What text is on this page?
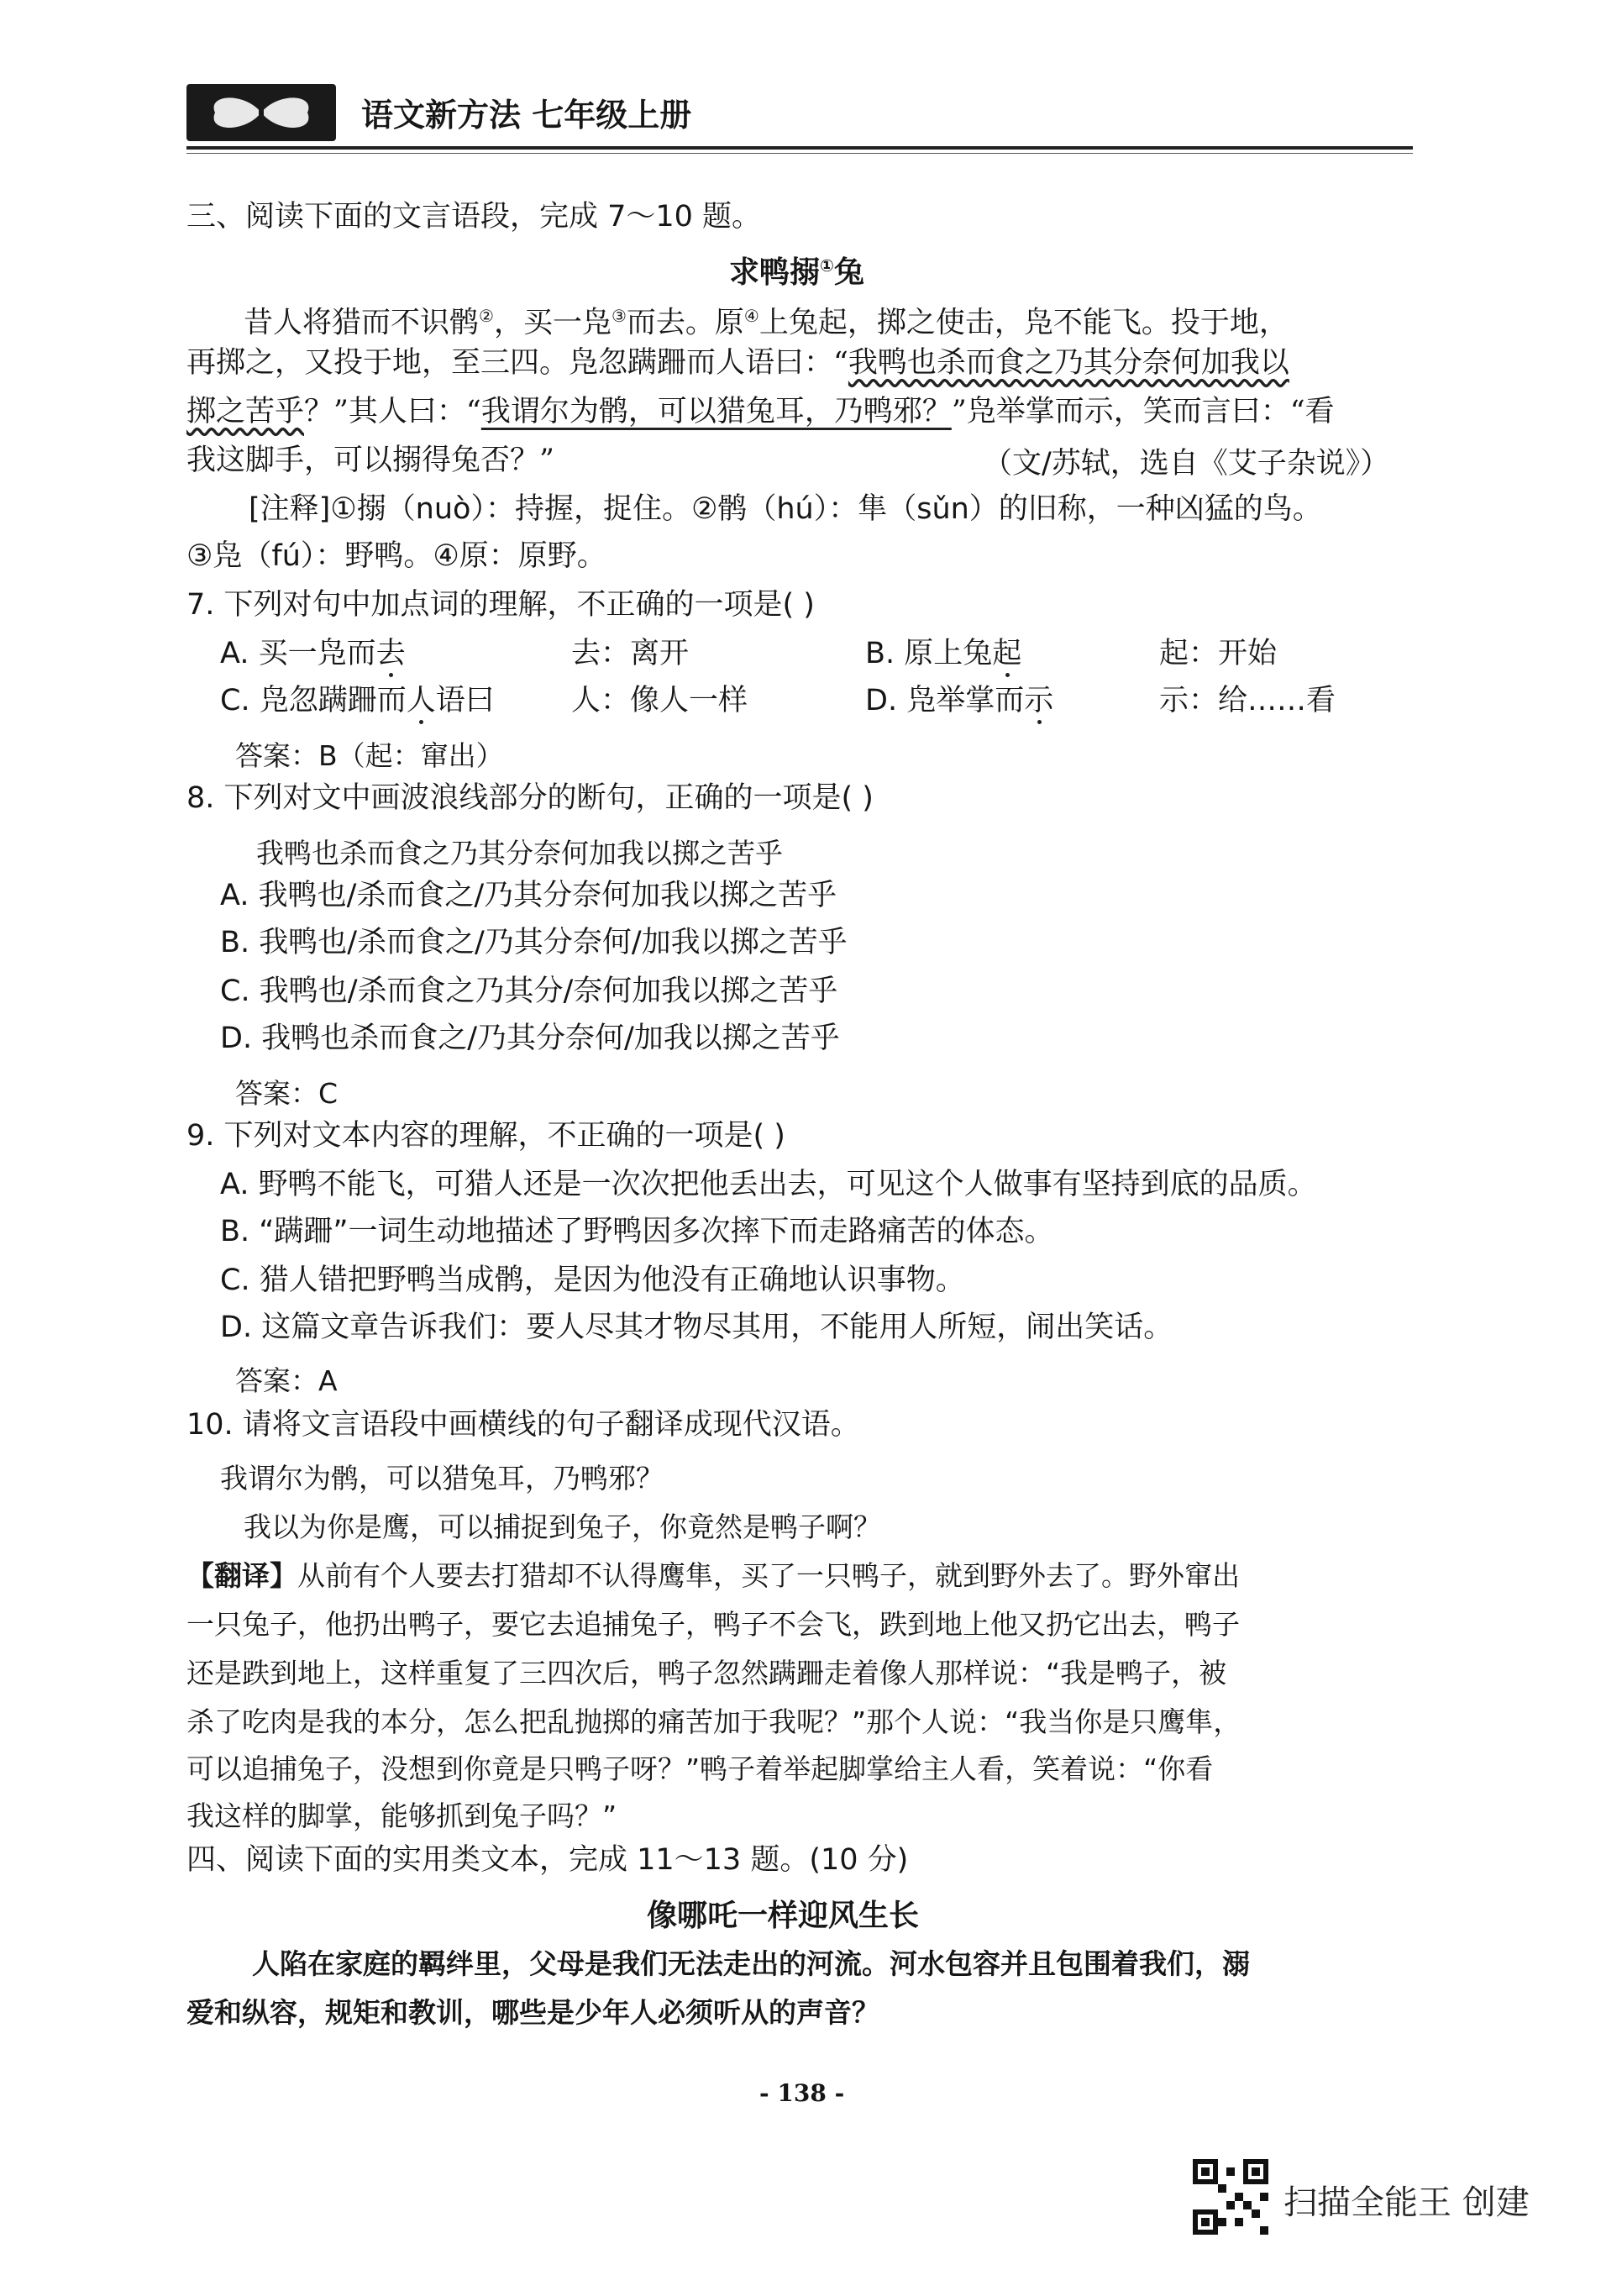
语文新方法 七年级上册
三、阅读下面的文言语段，完成 7～10 题。
求鸭搦①兔
昔人将猎而不识鹘②，买一凫③而去。原④上兔起，掷之使击，凫不能飞。投于地，
再掷之，又投于地，至三四。凫忽蹒跚而人语曰：“我鸭也杀而食之乃其分奈何加我以
掷之苦乎？”其人曰：“我谓尔为鹘，可以猎兔耳，乃鸭邪？”凫举掌而示，笑而言曰：“看
我这脚手，可以搦得兔否？”	（文/苏轼，选自《艾子杂说》）
[注释]①搦（nuò）：持握，捉住。②鹘（hú）：隼（sǔn）的旧称，一种凶猛的鸟。
③凫（fú）：野鸭。④原：原野。
7. 下列对句中加点词的理解，不正确的一项是( )
A. 买一凫而去	去：离开	B. 原上兔起	起：开始
C. 凫忽蹒跚而人语曰	人：像人一样	D. 凫举掌而示	示：给……看
答案：B（起：窜出）
8. 下列对文中画波浪线部分的断句，正确的一项是( )
我鸭也杀而食之乃其分奈何加我以掷之苦乎
A. 我鸭也/杀而食之/乃其分奈何加我以掷之苦乎
B. 我鸭也/杀而食之/乃其分奈何/加我以掷之苦乎
C. 我鸭也/杀而食之乃其分/奈何加我以掷之苦乎
D. 我鸭也杀而食之/乃其分奈何/加我以掷之苦乎
答案：C
9. 下列对文本内容的理解，不正确的一项是( )
A. 野鸭不能飞，可猎人还是一次次把他丢出去，可见这个人做事有坚持到底的品质。
B. “蹒跚”一词生动地描述了野鸭因多次摔下而走路痛苦的体态。
C. 猎人错把野鸭当成鹘，是因为他没有正确地认识事物。
D. 这篇文章告诉我们：要人尽其才物尽其用，不能用人所短，闹出笑话。
答案：A
10. 请将文言语段中画横线的句子翻译成现代汉语。
我谓尔为鹘，可以猎兔耳，乃鸭邪？
我以为你是鹰，可以捕捉到兔子，你竟然是鸭子啊？
【翻译】从前有个人要去打猎却不认得鹰隼，买了一只鸭子，就到野外去了。野外窜出
一只兔子，他扔出鸭子，要它去追捕兔子，鸭子不会飞，跌到地上他又扔它出去，鸭子
还是跌到地上，这样重复了三四次后，鸭子忽然蹒跚走着像人那样说：“我是鸭子，被
杀了吃肉是我的本分，怎么把乱抛掷的痛苦加于我呢？”那个人说：“我当你是只鹰隼，
可以追捕兔子，没想到你竟是只鸭子呀？”鸭子着举起脚掌给主人看，笑着说：“你看
我这样的脚掌，能够抓到兔子吗？”
四、阅读下面的实用类文本，完成 11～13 题。(10 分)
像哪吒一样迎风生长
人陷在家庭的羁绊里，父母是我们无法走出的河流。河水包容并且包围着我们，溺
爱和纵容，规矩和教训，哪些是少年人必须听从的声音？
- 138 -
扫描全能王 创建
